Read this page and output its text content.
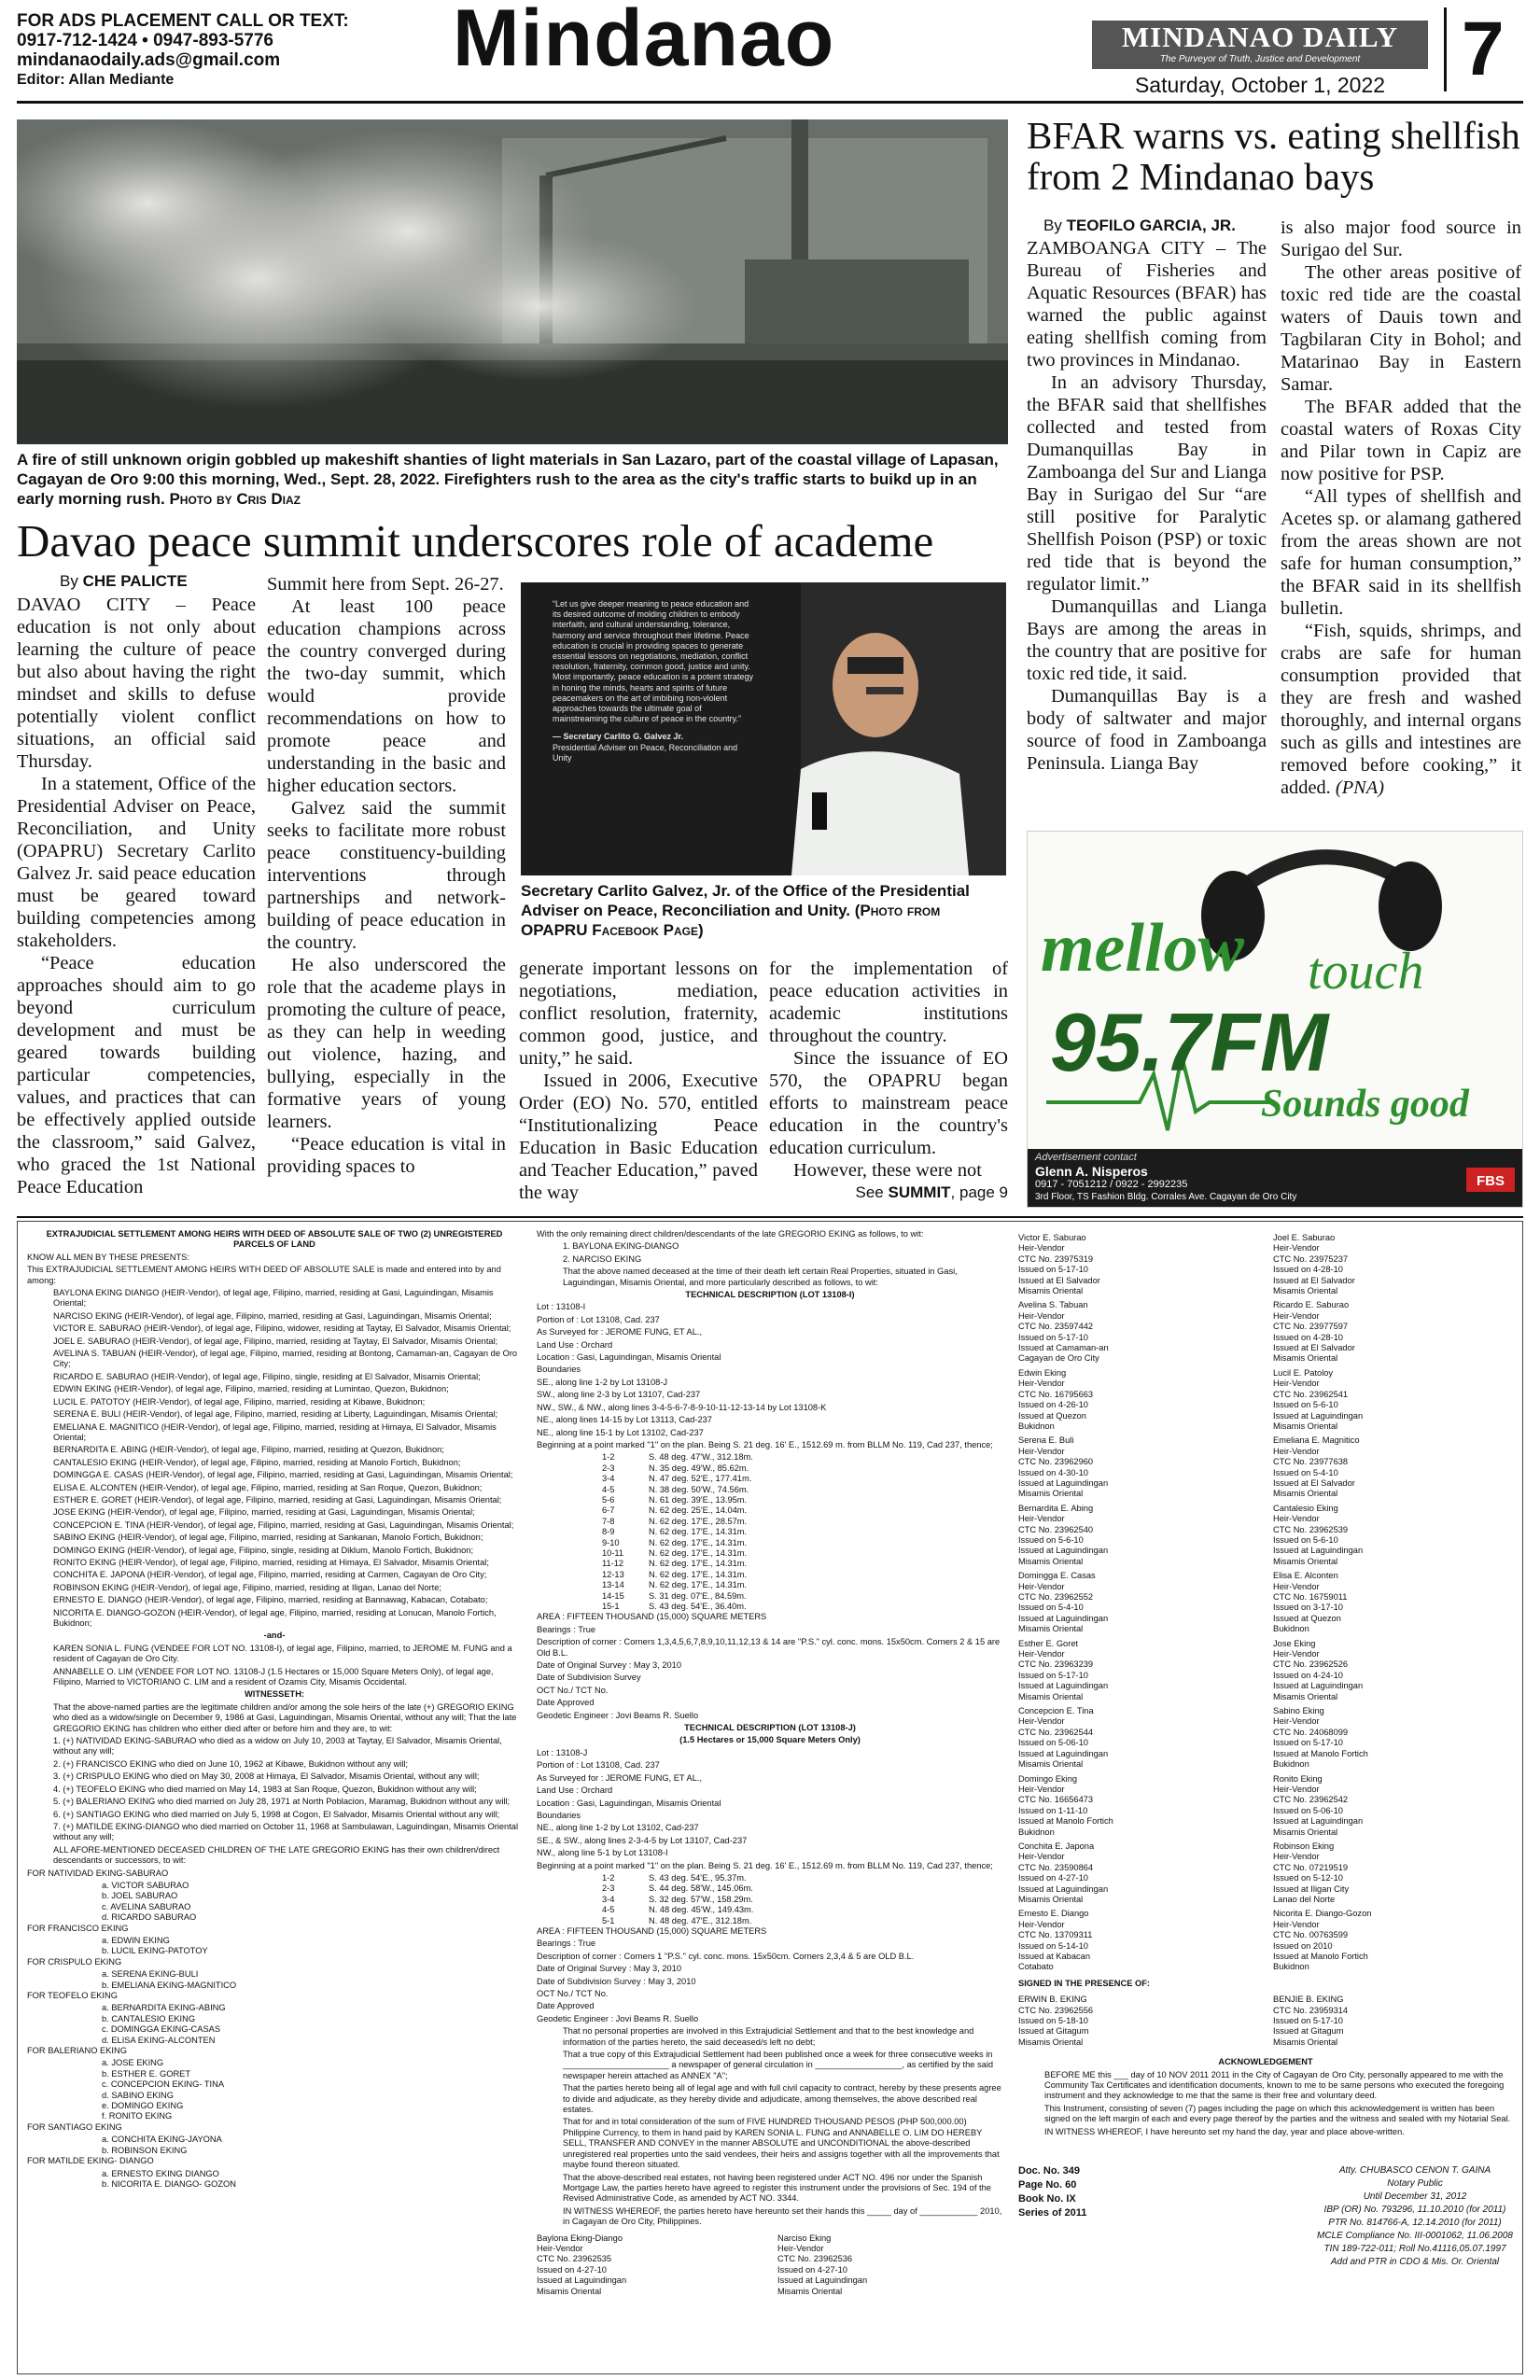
FOR ADS PLACEMENT CALL OR TEXT:
0917-712-1424 • 0947-893-5776
mindanaodaily.ads@gmail.com
Editor: Allan Mediante	Mindanao	MINDANAO DAILY
The Purveyor of Truth, Justice and Development
Saturday, October 1, 2022 7
A fire of still unknown origin gobbled up makeshift shanties of light materials in San Lazaro, part of the coastal village of Lapasan, Cagayan de Oro 9:00 this morning, Wed., Sept. 28, 2022. Firefighters rush to the area as the city's traffic starts to buikd up in an early morning rush. Photo by Cris Diaz
Davao peace summit underscores role of academe
By CHE PALICTE

DAVAO CITY – Peace education is not only about learning the culture of peace but also about having the right mindset and skills to defuse potentially violent conflict situations, an official said Thursday.

In a statement, Office of the Presidential Adviser on Peace, Reconciliation, and Unity (OPAPRU) Secretary Carlito Galvez Jr. said peace education must be geared toward building competencies among stakeholders.

“Peace education approaches should aim to go beyond curriculum development and must be geared towards building particular competencies, values, and practices that can be effectively applied outside the classroom,” said Galvez, who graced the 1st National Peace Education

Summit here from Sept. 26-27.

At least 100 peace education champions across the country converged during the two-day summit, which would provide recommendations on how to promote peace and understanding in the basic and higher education sectors.

Galvez said the summit seeks to facilitate more robust peace constituency-building interventions through partnerships and network-building of peace education in the country.

He also underscored the role that the academe plays in promoting the culture of peace, as they can help in weeding out violence, hazing, and bullying, especially in the formative years of young learners.

“Peace education is vital in providing spaces to

“Let us give deeper meaning to peace education and its desired outcome of molding children to embody interfaith, and cultural understanding, tolerance, harmony and service throughout their lifetime. Peace education is crucial in providing spaces to generate essential lessons on negotiations, mediation, conflict resolution, fraternity, common good, justice and unity. Most importantly, peace education is a potent strategy in honing the minds, hearts and spirits of future peacemakers on the art of imbibing non-violent approaches towards the ultimate goal of mainstreaming the culture of peace in the country.”
— Secretary Carlito G. Galvez Jr.
Presidential Adviser on Peace, Reconciliation and Unity
Secretary Carlito Galvez, Jr. of the Office of the Presidential Adviser on Peace, Reconciliation and Unity. (Photo from OPAPRU Facebook Page)

generate important lessons on negotiations, mediation, conflict resolution, fraternity, common good, justice, and unity,” he said.

Issued in 2006, Executive Order (EO) No. 570, entitled “Institutionalizing Peace Education in Basic Education and Teacher Education,” paved the way

for the implementation of peace education activities in academic institutions throughout the country.

Since the issuance of EO 570, the OPAPRU began efforts to mainstream peace education in the country's education curriculum.

However, these were not

See SUMMIT, page 9
BFAR warns vs. eating shellfish from 2 Mindanao bays
By TEOFILO GARCIA, JR.

ZAMBOANGA CITY – The Bureau of Fisheries and Aquatic Resources (BFAR) has warned the public against eating shellfish coming from two provinces in Mindanao.

In an advisory Thursday, the BFAR said that shellfishes collected and tested from Dumanquillas Bay in Zamboanga del Sur and Lianga Bay in Surigao del Sur “are still positive for Paralytic Shellfish Poison (PSP) or toxic red tide that is beyond the regulator limit.”

Dumanquillas and Lianga Bays are among the areas in the country that are positive for toxic red tide, it said.

Dumanquillas Bay is a body of saltwater and major source of food in Zamboanga Peninsula. Lianga Bay

is also major food source in Surigao del Sur.

The other areas positive of toxic red tide are the coastal waters of Dauis town and Tagbilaran City in Bohol; and Matarinao Bay in Eastern Samar.

The BFAR added that the coastal waters of Roxas City and Pilar town in Capiz are now positive for PSP.

“All types of shellfish and Acetes sp. or alamang gathered from the areas shown are not safe for human consumption,” the BFAR said in its shellfish bulletin.

“Fish, squids, shrimps, and crabs are safe for human consumption provided that they are fresh and washed thoroughly, and internal organs such as gills and intestines are removed before cooking,” it added. (PNA)

FBS
mellow touch
95.7FM
Sounds good
Advertisement contact
Glenn A. Nisperos
0917 - 7051212 / 0922 - 2992235
3rd Floor, TS Fashion Bldg. Corrales Ave. Cagayan de Oro City

EXTRAJUDICIAL SETTLEMENT AMONG HEIRS WITH DEED OF ABSOLUTE SALE OF TWO (2) UNREGISTERED PARCELS OF LAND

KNOW ALL MEN BY THESE PRESENTS:

This EXTRAJUDICIAL SETTLEMENT AMONG HEIRS WITH DEED OF ABSOLUTE SALE is made and entered into by and among:

BAYLONA EKING DIANGO (HEIR-Vendor), of legal age, Filipino, married, residing at Gasi, Laguindingan, Misamis Oriental;

NARCISO EKING (HEIR-Vendor), of legal age, Filipino, married, residing at Gasi, Laguindingan, Misamis Oriental;

VICTOR E. SABURAO (HEIR-Vendor), of legal age, Filipino, widower, residing at Taytay, El Salvador, Misamis Oriental;

JOEL E. SABURAO (HEIR-Vendor), of legal age, Filipino, married, residing at Taytay, El Salvador, Misamis Oriental;

AVELINA S. TABUAN (HEIR-Vendor), of legal age, Filipino, married, residing at Bontong, Camaman-an, Cagayan de Oro City;

RICARDO E. SABURAO (HEIR-Vendor), of legal age, Filipino, single, residing at El Salvador, Misamis Oriental;

EDWIN EKING (HEIR-Vendor), of legal age, Filipino, married, residing at Lumintao, Quezon, Bukidnon;

LUCIL E. PATOTOY (HEIR-Vendor), of legal age, Filipino, married, residing at Kibawe, Bukidnon;

SERENA E. BULI (HEIR-Vendor), of legal age, Filipino, married, residing at Liberty, Laguindingan, Misamis Oriental;

EMELIANA E. MAGNITICO (HEIR-Vendor), of legal age, Filipino, married, residing at Himaya, El Salvador, Misamis Oriental;

BERNARDITA E. ABING (HEIR-Vendor), of legal age, Filipino, married, residing at Quezon, Bukidnon;

CANTALESIO EKING (HEIR-Vendor), of legal age, Filipino, married, residing at Manolo Fortich, Bukidnon;

DOMINGGA E. CASAS (HEIR-Vendor), of legal age, Filipino, married, residing at Gasi, Laguindingan, Misamis Oriental;

ELISA E. ALCONTEN (HEIR-Vendor), of legal age, Filipino, married, residing at San Roque, Quezon, Bukidnon;

ESTHER E. GORET (HEIR-Vendor), of legal age, Filipino, married, residing at Gasi, Laguindingan, Misamis Oriental;

JOSE EKING (HEIR-Vendor), of legal age, Filipino, married, residing at Gasi, Laguindingan, Misamis Oriental;

CONCEPCION E. TINA (HEIR-Vendor), of legal age, Filipino, married, residing at Gasi, Laguindingan, Misamis Oriental;

SABINO EKING (HEIR-Vendor), of legal age, Filipino, married, residing at Sankanan, Manolo Fortich, Bukidnon;

DOMINGO EKING (HEIR-Vendor), of legal age, Filipino, single, residing at Diklum, Manolo Fortich, Bukidnon;

RONITO EKING (HEIR-Vendor), of legal age, Filipino, married, residing at Himaya, El Salvador, Misamis Oriental;

CONCHITA E. JAPONA (HEIR-Vendor), of legal age, Filipino, married, residing at Carmen, Cagayan de Oro City;

ROBINSON EKING (HEIR-Vendor), of legal age, Filipino, married, residing at Iligan, Lanao del Norte;

ERNESTO E. DIANGO (HEIR-Vendor), of legal age, Filipino, married, residing at Bannawag, Kabacan, Cotabato;

NICORITA E. DIANGO-GOZON (HEIR-Vendor), of legal age, Filipino, married, residing at Lonucan, Manolo Fortich, Bukidnon;

-and-

KAREN SONIA L. FUNG (VENDEE FOR LOT NO. 13108-I), of legal age, Filipino, married, to JEROME M. FUNG and a resident of Cagayan de Oro City.

ANNABELLE O. LIM (VENDEE FOR LOT NO. 13108-J (1.5 Hectares or 15,000 Square Meters Only), of legal age, Filipino, Married to VICTORIANO C. LIM and a resident of Ozamis City, Misamis Occidental.

WITNESSETH:

That the above-named parties are the legitimate children and/or among the sole heirs of the late (+) GREGORIO EKING who died as a widow/single on December 9, 1986 at Gasi, Laguindingan, Misamis Oriental, without any will; That the late GREGORIO EKING has children who either died after or before him and they are, to wit:

1. (+) NATIVIDAD EKING-SABURAO who died as a widow on July 10, 2003 at Taytay, El Salvador, Misamis Oriental, without any will;

2. (+) FRANCISCO EKING who died on June 10, 1962 at Kibawe, Bukidnon without any will;

3. (+) CRISPULO EKING who died on May 30, 2008 at Himaya, El Salvador, Misamis Oriental, without any will;

4. (+) TEOFELO EKING who died married on May 14, 1983 at San Roque, Quezon, Bukidnon without any will;

5. (+) BALERIANO EKING who died married on July 28, 1971 at North Poblacion, Maramag, Bukidnon without any will;

6. (+) SANTIAGO EKING who died married on July 5, 1998 at Cogon, El Salvador, Misamis Oriental without any will;

7. (+) MATILDE EKING-DIANGO who died married on October 11, 1968 at Sambulawan, Laguindingan, Misamis Oriental without any will;

ALL AFORE-MENTIONED DECEASED CHILDREN OF THE LATE GREGORIO EKING has their own children/direct descendants or successors, to wit:

FOR NATIVIDAD EKING-SABURAO

a. VICTOR SABURAO

b. JOEL SABURAO

c. AVELINA SABURAO

d. RICARDO SABURAO

FOR FRANCISCO EKING

a. EDWIN EKING

b. LUCIL EKING-PATOTOY

FOR CRISPULO EKING

a. SERENA EKING-BULI

b. EMELIANA EKING-MAGNITICO

FOR TEOFELO EKING

a. BERNARDITA EKING-ABING

b. CANTALESIO EKING

c. DOMINGGA EKING-CASAS

d. ELISA EKING-ALCONTEN

FOR BALERIANO EKING

a. JOSE EKING

b. ESTHER E. GORET

c. CONCEPCION EKING- TINA

d. SABINO EKING

e. DOMINGO EKING

f. RONITO EKING

FOR SANTIAGO EKING

a. CONCHITA EKING-JAYONA

b. ROBINSON EKING

FOR MATILDE EKING- DIANGO

a. ERNESTO EKING DIANGO

b. NICORITA E. DIANGO- GOZON

With the only remaining direct children/descendants of the late GREGORIO EKING as follows, to wit:

1. BAYLONA EKING-DIANGO

2. NARCISO EKING

That the above named deceased at the time of their death left certain Real Properties, situated in Gasi, Laguindingan, Misamis Oriental, and more particularly described as follows, to wit:

TECHNICAL DESCRIPTION (LOT 13108-I)

Lot : 13108-I

Portion of : Lot 13108, Cad. 237

As Surveyed for : JEROME FUNG, ET AL.,

Land Use : Orchard

Location : Gasi, Laguindingan, Misamis Oriental

Boundaries

SE., along line 1-2 by Lot 13108-J

SW., along line 2-3 by Lot 13107, Cad-237

NW., SW., & NW., along lines 3-4-5-6-7-8-9-10-11-12-13-14 by Lot 13108-K

NE., along lines 14-15 by Lot 13113, Cad-237

NE., along line 15-1 by Lot 13102, Cad-237

Beginning at a point marked "1" on the plan. Being S. 21 deg. 16' E., 1512.69 m. from BLLM No. 119, Cad 237, thence;

1-2	S. 48 deg. 47'W., 312.18m.
2-3	N. 35 deg. 49'W., 85.62m.
3-4	N. 47 deg. 52'E., 177.41m.
4-5	N. 38 deg. 50'W., 74.56m.
5-6	N. 61 deg. 39'E., 13.95m.
6-7	N. 62 deg. 25'E., 14.04m.
7-8	N. 62 deg. 17'E., 28.57m.
8-9	N. 62 deg. 17'E., 14.31m.
9-10	N. 62 deg. 17'E., 14.31m.
10-11	N. 62 deg. 17'E., 14.31m.
11-12	N. 62 deg. 17'E., 14.31m.
12-13	N. 62 deg. 17'E., 14.31m.
13-14	N. 62 deg. 17'E., 14.31m.
14-15	S. 31 deg. 07'E., 84.59m.
15-1	S. 43 deg. 54'E., 36.40m.

AREA : FIFTEEN THOUSAND (15,000) SQUARE METERS

Bearings : True

Description of corner : Corners 1,3,4,5,6,7,8,9,10,11,12,13 & 14 are "P.S." cyl. conc. mons. 15x50cm. Corners 2 & 15 are Old B.L.

Date of Original Survey : May 3, 2010

Date of Subdivision Survey

OCT No./ TCT No.

Date Approved

Geodetic Engineer : Jovi Beams R. Suello

TECHNICAL DESCRIPTION (LOT 13108-J)

(1.5 Hectares or 15,000 Square Meters Only)

Lot : 13108-J

Portion of : Lot 13108, Cad. 237

As Surveyed for : JEROME FUNG, ET AL.,

Land Use : Orchard

Location : Gasi, Laguindingan, Misamis Oriental

Boundaries

NE., along line 1-2 by Lot 13102, Cad-237

SE., & SW., along lines 2-3-4-5 by Lot 13107, Cad-237

NW., along line 5-1 by Lot 13108-I

Beginning at a point marked "1" on the plan. Being S. 21 deg. 16' E., 1512.69 m. from BLLM No. 119, Cad 237, thence;

1-2	S. 43 deg. 54'E., 95.37m.
2-3	S. 44 deg. 58'W., 145.06m.
3-4	S. 32 deg. 57'W., 158.29m.
4-5	N. 48 deg. 45'W., 149.43m.
5-1	N. 48 deg. 47'E., 312.18m.

AREA : FIFTEEN THOUSAND (15,000) SQUARE METERS

Bearings : True

Description of corner : Corners 1 "P.S." cyl. conc. mons. 15x50cm. Corners 2,3,4 & 5 are OLD B.L.

Date of Original Survey : May 3, 2010

Date of Subdivision Survey : May 3, 2010

OCT No./ TCT No.

Date Approved

Geodetic Engineer : Jovi Beams R. Suello

That no personal properties are involved in this Extrajudicial Settlement and that to the best knowledge and information of the parties hereto, the said deceased/s left no debt;

That a true copy of this Extrajudicial Settlement had been published once a week for three consecutive weeks in ______________________ a newspaper of general circulation in __________________, as certified by the said newspaper herein attached as ANNEX "A";

That the parties hereto being all of legal age and with full civil capacity to contract, hereby by these presents agree to divide and adjudicate, as they hereby divide and adjudicate, among themselves, the above described real estates.

That for and in total consideration of the sum of FIVE HUNDRED THOUSAND PESOS (PHP 500,000.00) Philippine Currency, to them in hand paid by KAREN SONIA L. FUNG and ANNABELLE O. LIM DO HEREBY SELL, TRANSFER AND CONVEY in the manner ABSOLUTE and UNCONDITIONAL the above-described unregistered real properties unto the said vendees, their heirs and assigns together with all the improvements that maybe found thereon situated.

That the above-described real estates, not having been registered under ACT NO. 496 nor under the Spanish Mortgage Law, the parties hereto have agreed to register this instrument under the provisions of Sec. 194 of the Revised Administrative Code, as amended by ACT NO. 3344.

IN WITNESS WHEREOF, the parties hereto have hereunto set their hands this _____ day of ____________ 2010, in Cagayan de Oro City, Philippines.

Baylona Eking-Diango	Narciso Eking
Heir-Vendor	Heir-Vendor
CTC No. 23962535	CTC No. 23962536
Issued on 4-27-10	Issued on 4-27-10
Issued at Laguindingan	Issued at Laguindingan
Misamis Oriental	Misamis Oriental
Victor E. Saburao	Joel E. Saburao
Heir-Vendor	Heir-Vendor
CTC No. 23975319	CTC No. 23975237
Issued on 5-17-10	Issued on 4-28-10
Issued at El Salvador	Issued at El Salvador
Misamis Oriental	Misamis Oriental
Avelina S. Tabuan	Ricardo E. Saburao
Heir-Vendor	Heir-Vendor
CTC No. 23597442	CTC No. 23977597
Issued on 5-17-10	Issued on 4-28-10
Issued at Camaman-an	Issued at El Salvador
Cagayan de Oro City	Misamis Oriental
Edwin Eking	Lucil E. Patoloy
Heir-Vendor	Heir-Vendor
CTC No. 16795663	CTC No. 23962541
Issued on 4-26-10	Issued on 5-6-10
Issued at Quezon	Issued at Laguindingan
Bukidnon	Misamis Oriental
Serena E. Buli	Emeliana E. Magnitico
Heir-Vendor	Heir-Vendor
CTC No. 23962960	CTC No. 23977638
Issued on 4-30-10	Issued on 5-4-10
Issued at Laguindingan	Issued at El Salvador
Misamis Oriental	Misamis Oriental
Bernardita E. Abing	Cantalesio Eking
Heir-Vendor	Heir-Vendor
CTC No. 23962540	CTC No. 23962539
Issued on 5-6-10	Issued on 5-6-10
Issued at Laguindingan	Issued at Laguindingan
Misamis Oriental	Misamis Oriental
Domingga E. Casas	Elisa E. Alconten
Heir-Vendor	Heir-Vendor
CTC No. 23962552	CTC No. 16759011
Issued on 5-4-10	Issued on 3-17-10
Issued at Laguindingan	Issued at Quezon
Misamis Oriental	Bukidnon
Esther E. Goret	Jose Eking
Heir-Vendor	Heir-Vendor
CTC No. 23963239	CTC No. 23962526
Issued on 5-17-10	Issued on 4-24-10
Issued at Laguindingan	Issued at Laguindingan
Misamis Oriental	Misamis Oriental
Concepcion E. Tina	Sabino Eking
Heir-Vendor	Heir-Vendor
CTC No. 23962544	CTC No. 24068099
Issued on 5-06-10	Issued on 5-17-10
Issued at Laguindingan	Issued at Manolo Fortich
Misamis Oriental	Bukidnon
Domingo Eking	Ronito Eking
Heir-Vendor	Heir-Vendor
CTC No. 16656473	CTC No. 23962542
Issued on 1-11-10	Issued on 5-06-10
Issued at Manolo Fortich	Issued at Laguindingan
Bukidnon	Misamis Oriental
Conchita E. Japona	Robinson Eking
Heir-Vendor	Heir-Vendor
CTC No. 23590864	CTC No. 07219519
Issued on 4-27-10	Issued on 5-12-10
Issued at Laguindingan	Issued at Iligan City
Misamis Oriental	Lanao del Norte
Ernesto E. Diango	Nicorita E. Diango-Gozon
Heir-Vendor	Heir-Vendor
CTC No. 13709311	CTC No. 00763599
Issued on 5-14-10	Issued on 2010
Issued at Kabacan	Issued at Manolo Fortich
Cotabato	Bukidnon

SIGNED IN THE PRESENCE OF:

ERWIN B. EKING	BENJIE B. EKING
CTC No. 23962556	CTC No. 23959314
Issued on 5-18-10	Issued on 5-17-10
Issued at Gitagum	Issued at Gitagum
Misamis Oriental	Misamis Oriental

ACKNOWLEDGEMENT

BEFORE ME this ___ day of 10 NOV 2011 2011 in the City of Cagayan de Oro City, personally appeared to me with the Community Tax Certificates and identification documents, known to me to be same persons who executed the foregoing instrument and they acknowledge to me that the same is their free and voluntary deed.

This Instrument, consisting of seven (7) pages including the page on which this acknowledgement is written has been signed on the left margin of each and every page thereof by the parties and the witness and sealed with my Notarial Seal.

IN WITNESS WHEREOF, I have hereunto set my hand the day, year and place above-written.

Doc. No. 349

Page No. 60

Book No. IX

Series of 2011

Atty. CHUBASCO CENON T. GAINA

Notary Public

Until December 31, 2012

IBP (OR) No. 793296, 11.10.2010 (for 2011)

PTR No. 814766-A, 12.14.2010 (for 2011)

MCLE Compliance No. III-0001062, 11.06.2008

TIN 189-722-011; Roll No.41116,05.07.1997

Add and PTR in CDO & Mis. Or. Oriental
